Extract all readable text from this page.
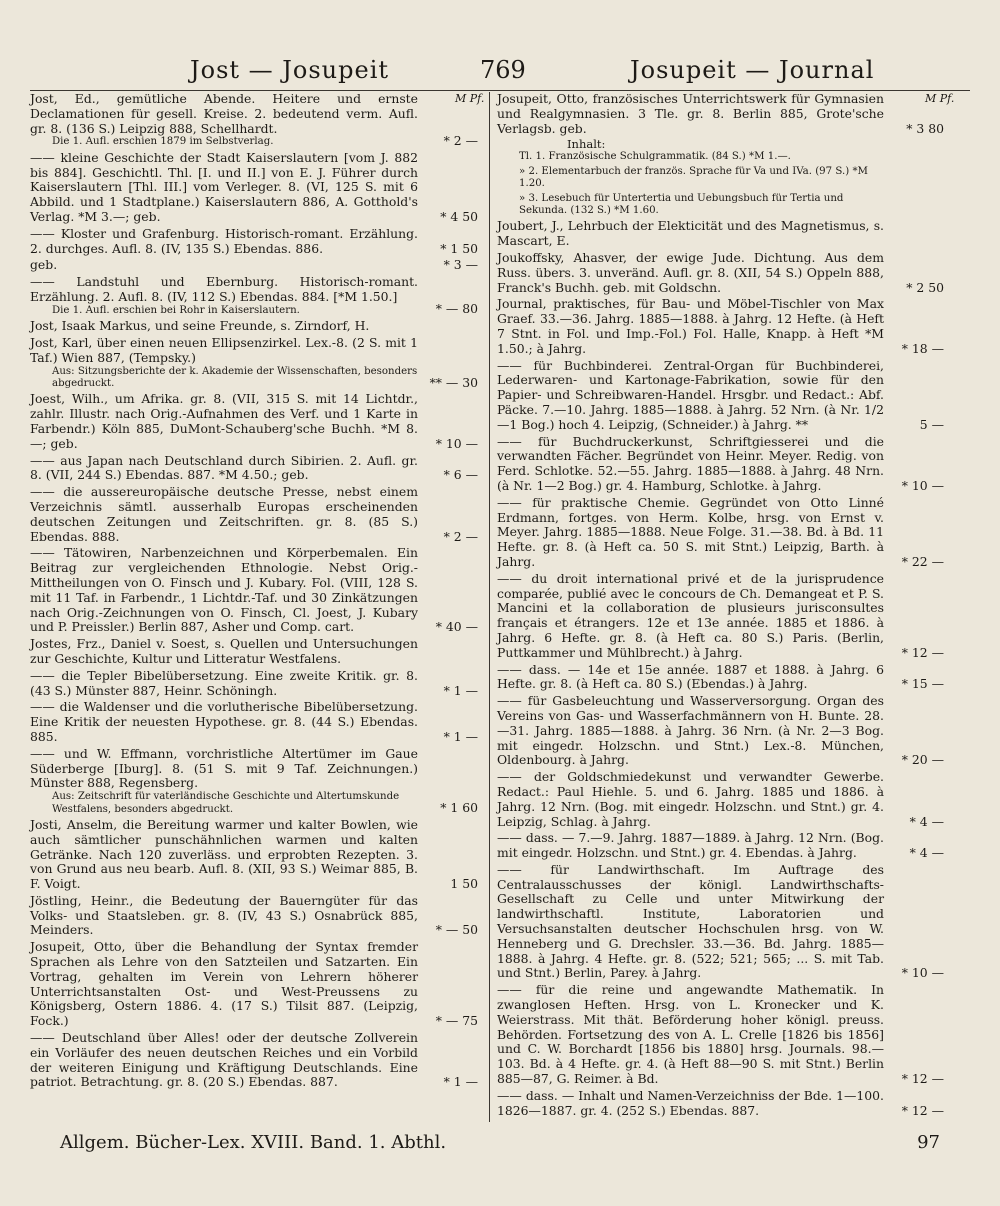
Jost — Josupeit	769	Josupeit — Journal
M Pf.	M Pf.
Jost, Ed., gemütliche Abende. Heitere und ernste Declamationen für gesell. Kreise. 2. bedeutend verm. Aufl. gr. 8. (136 S.) Leipzig 888, Schellhardt.
* 2 —
Die 1. Aufl. erschien 1879 im Selbstverlag.
—— kleine Geschichte der Stadt Kaiserslautern [vom J. 882 bis 884]. Geschichtl. Thl. [I. und II.] von E. J. Führer durch Kaiserslautern [Thl. III.] vom Verleger. 8. (VI, 125 S. mit 6 Abbild. und 1 Stadtplane.) Kaiserslautern 886, A. Gotthold's Verlag. *M 3.—; geb.	* 4 50
—— Kloster und Grafenburg. Historisch-romant. Erzählung. 2. durchges. Aufl. 8. (IV, 135 S.) Ebendas. 886.	* 1 50
geb.	* 3 —
—— Landstuhl und Ebernburg. Historisch-romant. Erzählung. 2. Aufl. 8. (IV, 112 S.) Ebendas. 884. [*M 1.50.]
* — 80
Die 1. Aufl. erschien bei Rohr in Kaiserslautern.
Jost, Isaak Markus, und seine Freunde, s. Zirndorf, H.
Jost, Karl, über einen neuen Ellipsenzirkel. Lex.-8. (2 S. mit 1 Taf.) Wien 887, (Tempsky.)
** — 30
Aus: Sitzungsberichte der k. Akademie der Wissenschaften, besonders abgedruckt.
Joest, Wilh., um Afrika. gr. 8. (VII, 315 S. mit 14 Lichtdr., zahlr. Illustr. nach Orig.-Aufnahmen des Verf. und 1 Karte in Farbendr.) Köln 885, DuMont-Schauberg'sche Buchh. *M 8.—; geb.	* 10 —
—— aus Japan nach Deutschland durch Sibirien. 2. Aufl. gr. 8. (VII, 244 S.) Ebendas. 887. *M 4.50.; geb.	* 6 —
—— die aussereuropäische deutsche Presse, nebst einem Verzeichnis sämtl. ausserhalb Europas erscheinenden deutschen Zeitungen und Zeitschriften. gr. 8. (85 S.) Ebendas. 888.	* 2 —
—— Tätowiren, Narbenzeichnen und Körperbemalen. Ein Beitrag zur vergleichenden Ethnologie. Nebst Orig.-Mittheilungen von O. Finsch und J. Kubary. Fol. (VIII, 128 S. mit 11 Taf. in Farbendr., 1 Lichtdr.-Taf. und 30 Zinkätzungen nach Orig.-Zeichnungen von O. Finsch, Cl. Joest, J. Kubary und P. Preissler.) Berlin 887, Asher und Comp. cart.	* 40 —
Jostes, Frz., Daniel v. Soest, s. Quellen und Untersuchungen zur Geschichte, Kultur und Litteratur Westfalens.
—— die Tepler Bibelübersetzung. Eine zweite Kritik. gr. 8. (43 S.) Münster 887, Heinr. Schöningh.	* 1 —
—— die Waldenser und die vorlutherische Bibelübersetzung. Eine Kritik der neuesten Hypothese. gr. 8. (44 S.) Ebendas. 885.	* 1 —
—— und W. Effmann, vorchristliche Altertümer im Gaue Süderberge [Iburg]. 8. (51 S. mit 9 Taf. Zeichnungen.) Münster 888, Regensberg.
* 1 60
Aus: Zeitschrift für vaterländische Geschichte und Altertumskunde Westfalens, besonders abgedruckt.
Josti, Anselm, die Bereitung warmer und kalter Bowlen, wie auch sämtlicher punschähnlichen warmen und kalten Getränke. Nach 120 zuverläss. und erprobten Rezepten. 3. von Grund aus neu bearb. Aufl. 8. (XII, 93 S.) Weimar 885, B. F. Voigt.	1 50
Jöstling, Heinr., die Bedeutung der Bauerngüter für das Volks- und Staatsleben. gr. 8. (IV, 43 S.) Osnabrück 885, Meinders.	* — 50
Josupeit, Otto, über die Behandlung der Syntax fremder Sprachen als Lehre von den Satzteilen und Satzarten. Ein Vortrag, gehalten im Verein von Lehrern höherer Unterrichtsanstalten Ost- und West-Preussens zu Königsberg, Ostern 1886. 4. (17 S.) Tilsit 887. (Leipzig, Fock.)	* — 75
—— Deutschland über Alles! oder der deutsche Zollverein ein Vorläufer des neuen deutschen Reiches und ein Vorbild der weiteren Einigung und Kräftigung Deutschlands. Eine patriot. Betrachtung. gr. 8. (20 S.) Ebendas. 887.	* 1 —
Josupeit, Otto, französisches Unterrichtswerk für Gymnasien und Realgymnasien. 3 Tle. gr. 8. Berlin 885, Grote'sche Verlagsb. geb.	* 3 80
Inhalt:
Tl. 1. Französische Schulgrammatik. (84 S.) *M 1.—.
» 2. Elementarbuch der französ. Sprache für Va und IVa. (97 S.) *M 1.20.
» 3. Lesebuch für Untertertia und Uebungsbuch für Tertia und Sekunda. (132 S.) *M 1.60.
Joubert, J., Lehrbuch der Elekticität und des Magnetismus, s. Mascart, E.
Joukoffsky, Ahasver, der ewige Jude. Dichtung. Aus dem Russ. übers. 3. unveränd. Aufl. gr. 8. (XII, 54 S.) Oppeln 888, Franck's Buchh. geb. mit Goldschn.	* 2 50
Journal, praktisches, für Bau- und Möbel-Tischler von Max Graef. 33.—36. Jahrg. 1885—1888. à Jahrg. 12 Hefte. (à Heft 7 Stnt. in Fol. und Imp.-Fol.) Fol. Halle, Knapp. à Heft *M 1.50.; à Jahrg.	* 18 —
—— für Buchbinderei. Zentral-Organ für Buchbinderei, Lederwaren- und Kartonage-Fabrikation, sowie für den Papier- und Schreibwaren-Handel. Hrsgbr. und Redact.: Abf. Päcke. 7.—10. Jahrg. 1885—1888. à Jahrg. 52 Nrn. (à Nr. 1/2—1 Bog.) hoch 4. Leipzig, (Schneider.) à Jahrg. **	5 —
—— für Buchdruckerkunst, Schriftgiesserei und die verwandten Fächer. Begründet von Heinr. Meyer. Redig. von Ferd. Schlotke. 52.—55. Jahrg. 1885—1888. à Jahrg. 48 Nrn. (à Nr. 1—2 Bog.) gr. 4. Hamburg, Schlotke. à Jahrg.	* 10 —
—— für praktische Chemie. Gegründet von Otto Linné Erdmann, fortges. von Herm. Kolbe, hrsg. von Ernst v. Meyer. Jahrg. 1885—1888. Neue Folge. 31.—38. Bd. à Bd. 11 Hefte. gr. 8. (à Heft ca. 50 S. mit Stnt.) Leipzig, Barth. à Jahrg.	* 22 —
—— du droit international privé et de la jurisprudence comparée, publié avec le concours de Ch. Demangeat et P. S. Mancini et la collaboration de plusieurs jurisconsultes français et étrangers. 12e et 13e année. 1885 et 1886. à Jahrg. 6 Hefte. gr. 8. (à Heft ca. 80 S.) Paris. (Berlin, Puttkammer und Mühlbrecht.) à Jahrg.	* 12 —
—— dass. — 14e et 15e année. 1887 et 1888. à Jahrg. 6 Hefte. gr. 8. (à Heft ca. 80 S.) (Ebendas.) à Jahrg.	* 15 —
—— für Gasbeleuchtung und Wasserversorgung. Organ des Vereins von Gas- und Wasserfachmännern von H. Bunte. 28.—31. Jahrg. 1885—1888. à Jahrg. 36 Nrn. (à Nr. 2—3 Bog. mit eingedr. Holzschn. und Stnt.) Lex.-8. München, Oldenbourg. à Jahrg.	* 20 —
—— der Goldschmiedekunst und verwandter Gewerbe. Redact.: Paul Hiehle. 5. und 6. Jahrg. 1885 und 1886. à Jahrg. 12 Nrn. (Bog. mit eingedr. Holzschn. und Stnt.) gr. 4. Leipzig, Schlag. à Jahrg.	* 4 —
—— dass. — 7.—9. Jahrg. 1887—1889. à Jahrg. 12 Nrn. (Bog. mit eingedr. Holzschn. und Stnt.) gr. 4. Ebendas. à Jahrg.	* 4 —
—— für Landwirthschaft. Im Auftrage des Centralausschusses der königl. Landwirthschafts-Gesellschaft zu Celle und unter Mitwirkung der landwirthschaftl. Institute, Laboratorien und Versuchsanstalten deutscher Hochschulen hrsg. von W. Henneberg und G. Drechsler. 33.—36. Bd. Jahrg. 1885—1888. à Jahrg. 4 Hefte. gr. 8. (522; 521; 565; ... S. mit Tab. und Stnt.) Berlin, Parey. à Jahrg.	* 10 —
—— für die reine und angewandte Mathematik. In zwanglosen Heften. Hrsg. von L. Kronecker und K. Weierstrass. Mit thät. Beförderung hoher königl. preuss. Behörden. Fortsetzung des von A. L. Crelle [1826 bis 1856] und C. W. Borchardt [1856 bis 1880] hrsg. Journals. 98.—103. Bd. à 4 Hefte. gr. 4. (à Heft 88—90 S. mit Stnt.) Berlin 885—87, G. Reimer. à Bd.	* 12 —
—— dass. — Inhalt und Namen-Verzeichniss der Bde. 1—100. 1826—1887. gr. 4. (252 S.) Ebendas. 887.	* 12 —
Allgem. Bücher-Lex. XVIII. Band. 1. Abthl.	97
